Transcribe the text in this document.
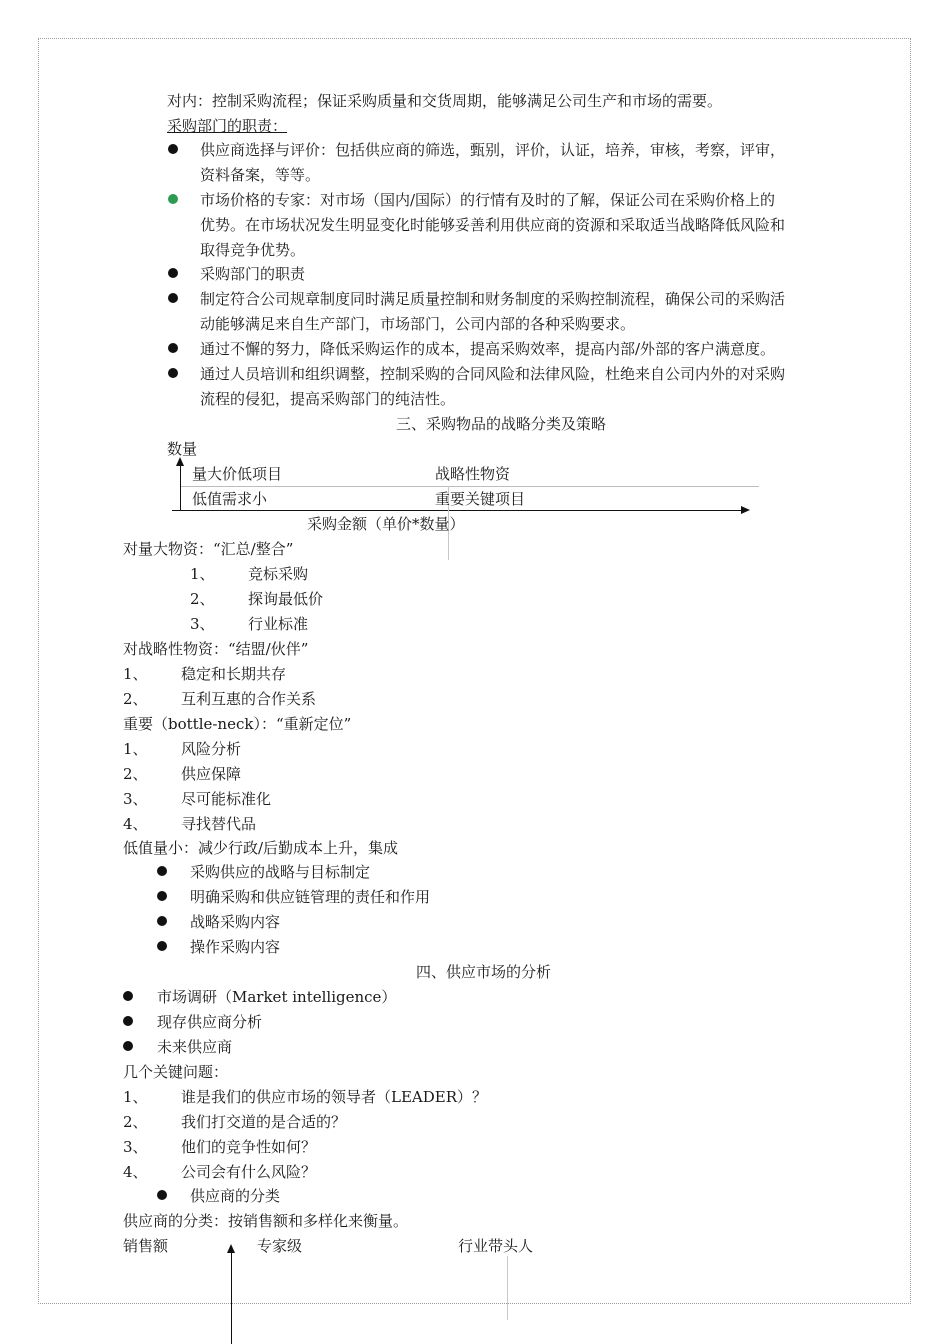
对内：控制采购流程；保证采购质量和交货周期，能够满足公司生产和市场的需要。
采购部门的职责：
供应商选择与评价：包括供应商的筛选，甄别，评价，认证，培养，审核，考察，评审，
资料备案，等等。
市场价格的专家：对市场（国内/国际）的行情有及时的了解，保证公司在采购价格上的
优势。在市场状况发生明显变化时能够妥善利用供应商的资源和采取适当战略降低风险和
取得竞争优势。
采购部门的职责
制定符合公司规章制度同时满足质量控制和财务制度的采购控制流程，确保公司的采购活
动能够满足来自生产部门，市场部门，公司内部的各种采购要求。
通过不懈的努力，降低采购运作的成本，提高采购效率，提高内部/外部的客户满意度。
通过人员培训和组织调整，控制采购的合同风险和法律风险，杜绝来自公司内外的对采购
流程的侵犯，提高采购部门的纯洁性。
三、采购物品的战略分类及策略
数量
量大价低项目	战略性物资
低值需求小	重要关键项目
采购金额（单价*数量）
对量大物资：“汇总/整合”
1、 竞标采购
2、 探询最低价
3、 行业标准
对战略性物资：“结盟/伙伴”
1、 稳定和长期共存
2、 互利互惠的合作关系
重要（bottle-neck）：“重新定位”
1、 风险分析
2、 供应保障
3、 尽可能标准化
4、 寻找替代品
低值量小：减少行政/后勤成本上升，集成
采购供应的战略与目标制定
明确采购和供应链管理的责任和作用
战略采购内容
操作采购内容
四、供应市场的分析
市场调研（Market intelligence）
现存供应商分析
未来供应商
几个关键问题：
1、 谁是我们的供应市场的领导者（LEADER）？
2、 我们打交道的是合适的？
3、 他们的竞争性如何？
4、 公司会有什么风险？
供应商的分类
供应商的分类：按销售额和多样化来衡量。
销售额	专家级	行业带头人
